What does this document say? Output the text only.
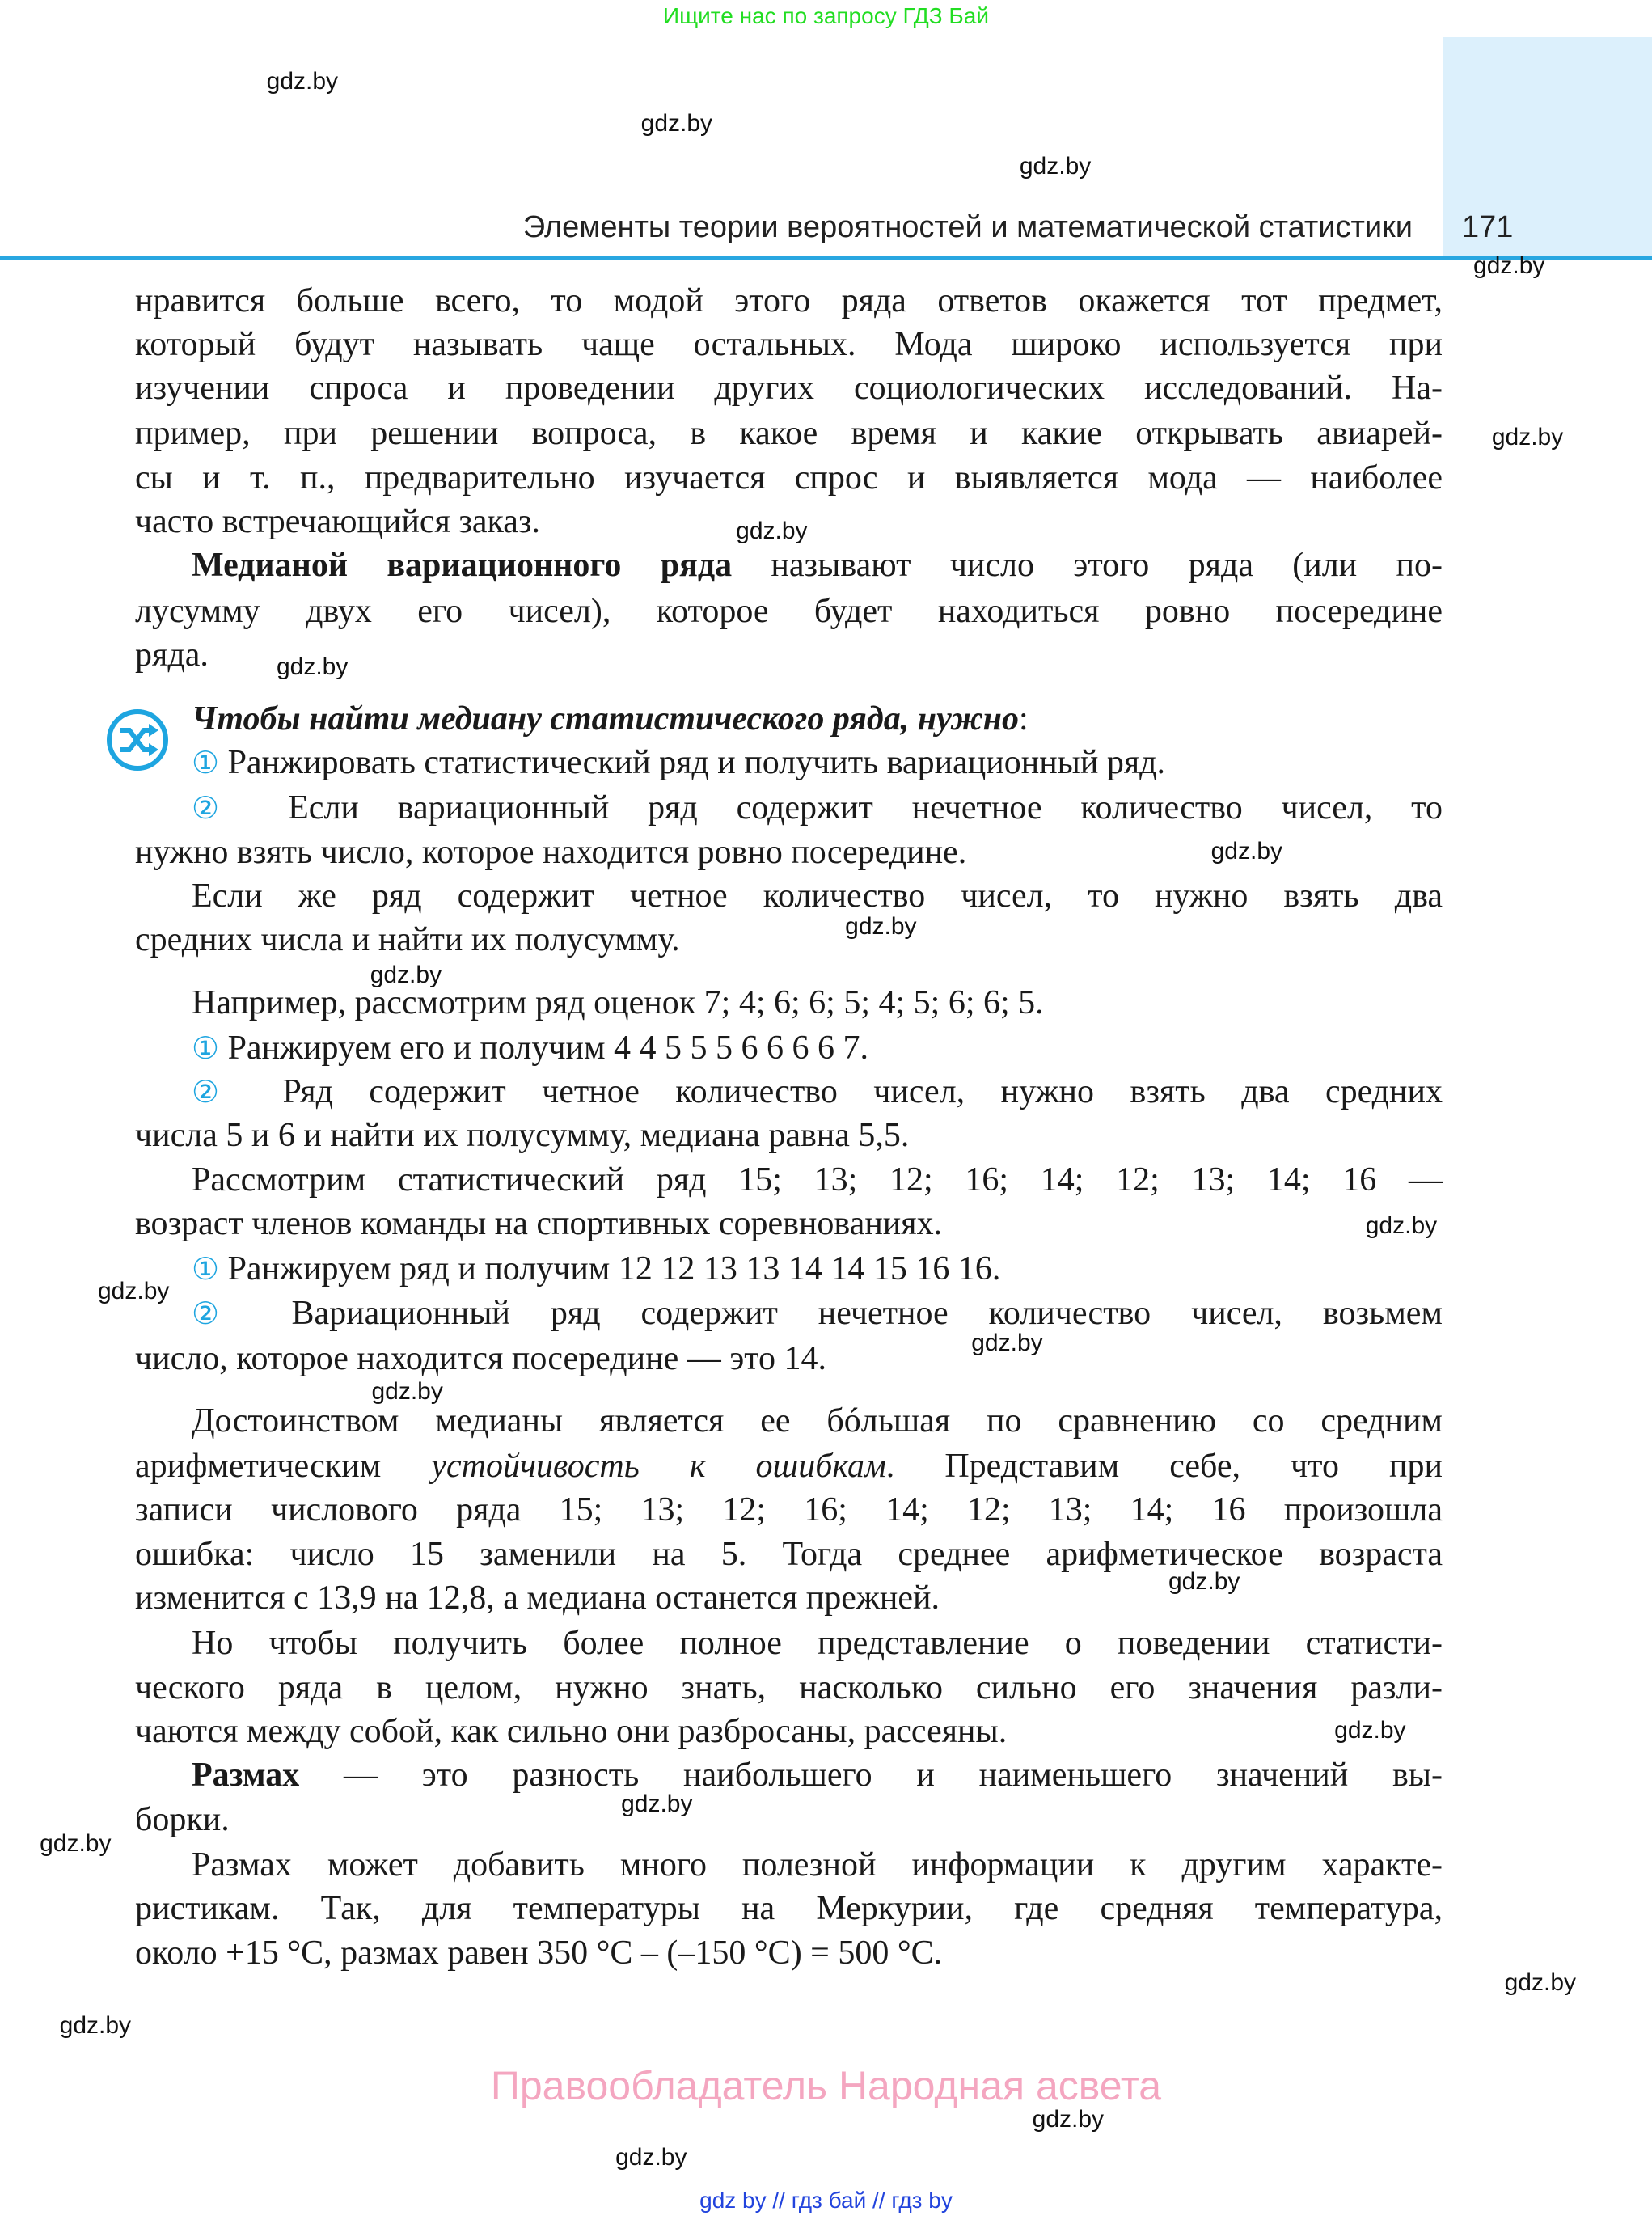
Ищите нас по запросу ГДЗ Бай
Элементы теории вероятностей и математической статистики 171
нравится больше всего, то модой этого ряда ответов окажется тот предмет,
который будут называть чаще остальных. Мода широко используется при
изучении спроса и проведении других социологических исследований. На-
пример, при решении вопроса, в какое время и какие открывать авиарей-
сы и т. п., предварительно изучается спрос и выявляется мода — наиболее
часто встречающийся заказ.
Медианой вариационного ряда называют число этого ряда (или по-
лусумму двух его чисел), которое будет находиться ровно посередине
ряда.
Чтобы найти медиану статистического ряда, нужно:
① Ранжировать статистический ряд и получить вариационный ряд.
② Если вариационный ряд содержит нечетное количество чисел, то
нужно взять число, которое находится ровно посередине.
Если же ряд содержит четное количество чисел, то нужно взять два
средних числа и найти их полусумму.
Например, рассмотрим ряд оценок 7; 4; 6; 6; 5; 4; 5; 6; 6; 5.
① Ранжируем его и получим 4 4 5 5 5 6 6 6 6 7.
② Ряд содержит четное количество чисел, нужно взять два средних
числа 5 и 6 и найти их полусумму, медиана равна 5,5.
Рассмотрим статистический ряд 15; 13; 12; 16; 14; 12; 13; 14; 16 —
возраст членов команды на спортивных соревнованиях.
① Ранжируем ряд и получим 12 12 13 13 14 14 15 16 16.
② Вариационный ряд содержит нечетное количество чисел, возьмем
число, которое находится посередине — это 14.
Достоинством медианы является ее бóльшая по сравнению со средним
арифметическим устойчивость к ошибкам. Представим себе, что при
записи числового ряда 15; 13; 12; 16; 14; 12; 13; 14; 16 произошла
ошибка: число 15 заменили на 5. Тогда среднее арифметическое возраста
изменится с 13,9 на 12,8, а медиана останется прежней.
Но чтобы получить более полное представление о поведении статисти-
ческого ряда в целом, нужно знать, насколько сильно его значения разли-
чаются между собой, как сильно они разбросаны, рассеяны.
Размах — это разность наибольшего и наименьшего значений вы-
борки.
Размах может добавить много полезной информации к другим характе-
ристикам. Так, для температуры на Меркурии, где средняя температура,
около +15 °C, размах равен 350 °C – (–150 °C) = 500 °C.
gdz.by
gdz.by
gdz.by
gdz.by
gdz.by
gdz.by
gdz.by
gdz.by
gdz.by
gdz.by
gdz.by
gdz.by
gdz.by
gdz.by
gdz.by
gdz.by
gdz.by
gdz.by
gdz.by
gdz.by
gdz.by
gdz.by
Правообладатель Народная асвета
gdz by // гдз бай // гдз by
